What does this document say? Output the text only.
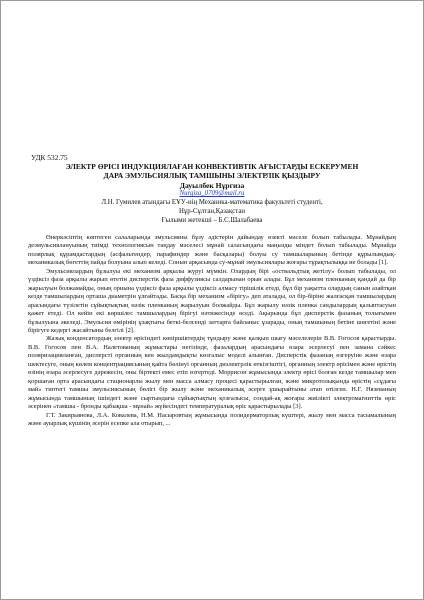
УДК 532.75
ЭЛЕКТР ӨРІСІ ИНДУКЦИЯЛАҒАН КОНВЕКТИВТІК АҒЫСТАРДЫ ЕСКЕРУМЕН
ДАРА ЭМУЛЬСИЯЛЫҚ ТАМШЫНЫ ЭЛЕКТРЛІК ҚЫЗДЫРУ
Дауылбек Нұргиза
Nurgiza_0709@mail.ru
Л.Н. Гумилев атындағы ЕҰУ-нің Механика-математика факультеті студенті,
Нұр-Сұлтан,Қазақстан
Ғылыми жетекші – Б.С.Шалабаева

Өнеркәсіптің көптеген салаларында эмульсияны бұзу әдістерін дайындау өзекті мәселе болып табылады. Мұнайдың деэмульсиялануының тиімді технологиясын таңдау мәселесі мұнай саласындағы маңызды міндет болып табылады. Мұнайда полярлық құрамдастардың (асфальтендер, парафиндер және басқалары) болуы су тамшыларының бетінде құрылымдық-механикалық бөгеттің пайда болуына алып келеді. Сонын арқасында су-мұнай эмульсиялары жоғары тұрақтылыққа ие болады [1].

Эмульсиялардың бұзылуы екі механизм арқылы жүруі мүмкін. Олардың бірі «оствальдтық жетілу» болып табылады, ол үздіксіз фаза арқылы жарып өтетін дисперстік фаза диффузиясы салдарынан орын алады. Бұл механизм пленканың қандай да бір жарылуын болжамайды, оның орнына үздіксіз фаза арқылы үздіксіз алмасу тірішілік етеді, бұл бір уақытта олардың санын азайтқан кезде тамшылардың орташа диаметрін ұлғайтады. Басқа бір механизм «бірігу» деп аталады, ол бір-біріне жалғасқан тамшылардың арасындағы түзілетін сұйықтықтың нәзік пленканың жарылуын болжайды. Бұл жарылу нәзік пленка сандылардың қалыптасуын қажет етеді. Ол кейін екі көршілес тамшылардың бірігуі нәтижесінде өседі. Ақырында бұл дисперстік фазаның толығымен бұзылуына әкеледі. Эмульсия өмірінің ұзақтығы беткі-белсенді заттарға байланыс ұзарады, оның тамшының бетіне шөгетіні және бірігуге кедергі жасайтыны белгілі [2].

Жазық конденсатордың электр өрісіндегі көпіршіктердің тұндыру және қалқып шығу мәселелерін В.В. Гогосов қарастырды. В.В. Гогосов пен В.А. Налетованың жұмыстары негізінде, фазалардың арасындағы өзара әсерлесуі пен замана сәйкес поляризацияланған, дисперсті органның кен жылдамдықты көзгалыс моделі алынған. Дисперстік фазаның өзгеруіне және өзара шектесуге, оның көлем концентрациясының қайта бөлінуі органның диэлектрлік өткізгіштігі, органның электр өрісімен және өрістің өзінің өзара әсерлесуге дәрежесін, оны біртекті емес етіп өзгертеді. Моррисон жұмысында электр өрісі болған кезде тамшылар мен қоршаған орта арасындағы стационарлы жылу мен масса алмасу процесі қарастырылған, және микротолықында өрістің «сұдағы май» типтегі тамшы эмульсиясының бөлігі бір жылу және механикалық әсерге ұшырайтыны атап өтілген. Н.Г. Нязеваның жұмысында тамшының ішіндегі және сыртындағы сұйықтықтың қозғалысы, сондай-ақ жоғары жиілікті электромагниттік өріс әсерінен «тамшы - бронды қабықша - мұнай» жүйесіндегі температуралық өріс қарастырылады [3].

Г.Т. Закирьянова, Л.А. Ковалева, Н.М. Насыровтың жұмысында полидерматорлық күштері, жылу мен масса тасымалының және ауырлық күшінің әсерін есепке ала отырып, ...
